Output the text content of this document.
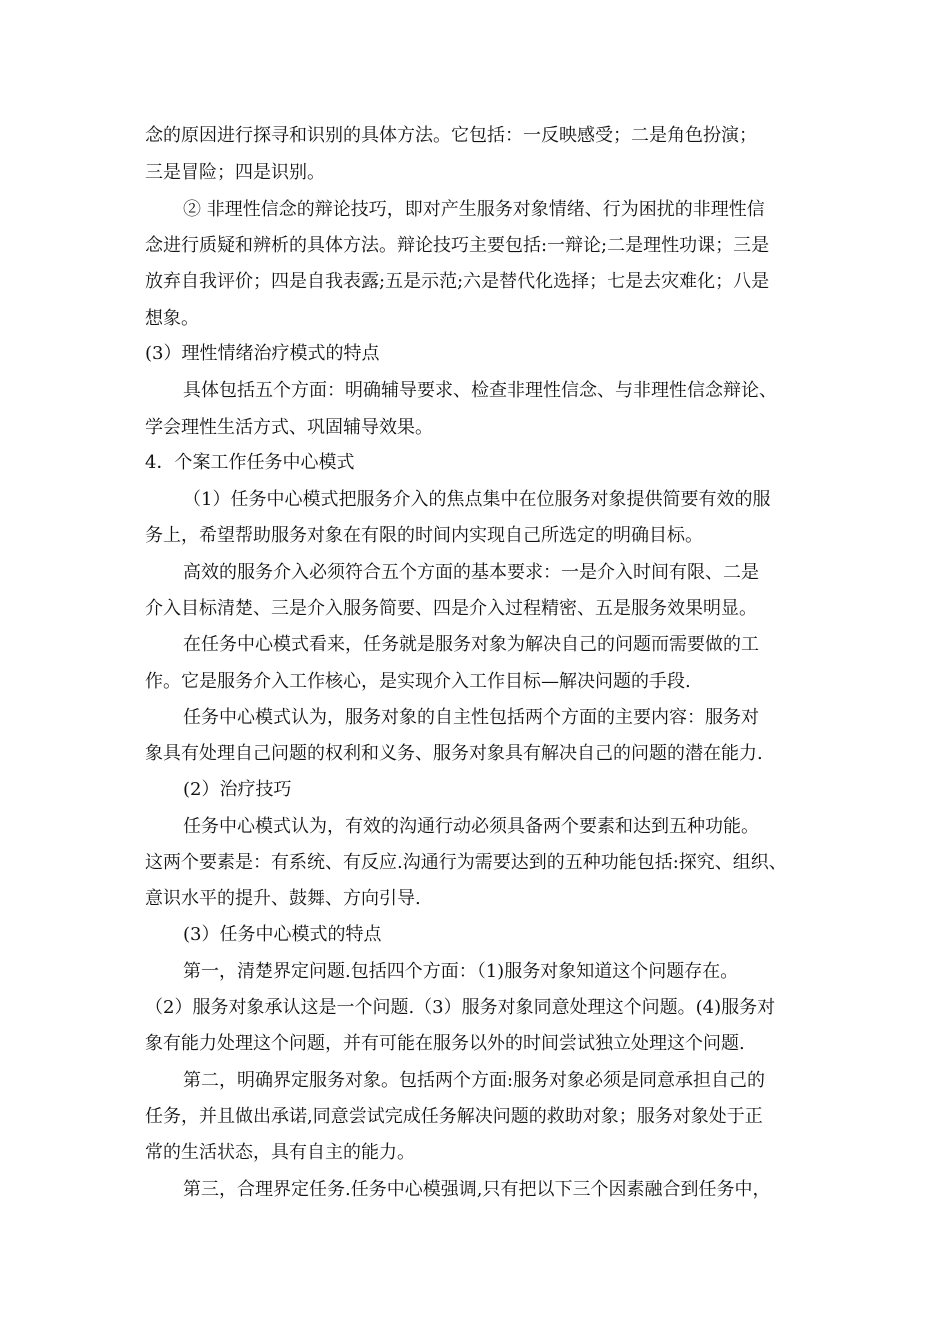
念的原因进行探寻和识别的具体方法。它包括：一反映感受；二是角色扮演；
三是冒险；四是识别。
② 非理性信念的辩论技巧，即对产生服务对象情绪、行为困扰的非理性信
念进行质疑和辨析的具体方法。辩论技巧主要包括:一辩论;二是理性功课；三是
放弃自我评价；四是自我表露;五是示范;六是替代化选择；七是去灾难化；八是
想象。
(3）理性情绪治疗模式的特点
具体包括五个方面：明确辅导要求、检查非理性信念、与非理性信念辩论、
学会理性生活方式、巩固辅导效果。
4．个案工作任务中心模式
（1）任务中心模式把服务介入的焦点集中在位服务对象提供简要有效的服
务上，希望帮助服务对象在有限的时间内实现自己所选定的明确目标。
高效的服务介入必须符合五个方面的基本要求：一是介入时间有限、二是
介入目标清楚、三是介入服务简要、四是介入过程精密、五是服务效果明显。
在任务中心模式看来，任务就是服务对象为解决自己的问题而需要做的工
作。它是服务介入工作核心，是实现介入工作目标—解决问题的手段.
任务中心模式认为，服务对象的自主性包括两个方面的主要内容：服务对
象具有处理自己问题的权利和义务、服务对象具有解决自己的问题的潜在能力.
(2）治疗技巧
任务中心模式认为，有效的沟通行动必须具备两个要素和达到五种功能。
这两个要素是：有系统、有反应.沟通行为需要达到的五种功能包括:探究、组织、
意识水平的提升、鼓舞、方向引导.
(3）任务中心模式的特点
第一，清楚界定问题.包括四个方面：（1)服务对象知道这个问题存在。
（2）服务对象承认这是一个问题.（3）服务对象同意处理这个问题。(4)服务对
象有能力处理这个问题，并有可能在服务以外的时间尝试独立处理这个问题.
第二，明确界定服务对象。包括两个方面:服务对象必须是同意承担自己的
任务，并且做出承诺,同意尝试完成任务解决问题的救助对象；服务对象处于正
常的生活状态，具有自主的能力。
第三，合理界定任务.任务中心模强调,只有把以下三个因素融合到任务中，
